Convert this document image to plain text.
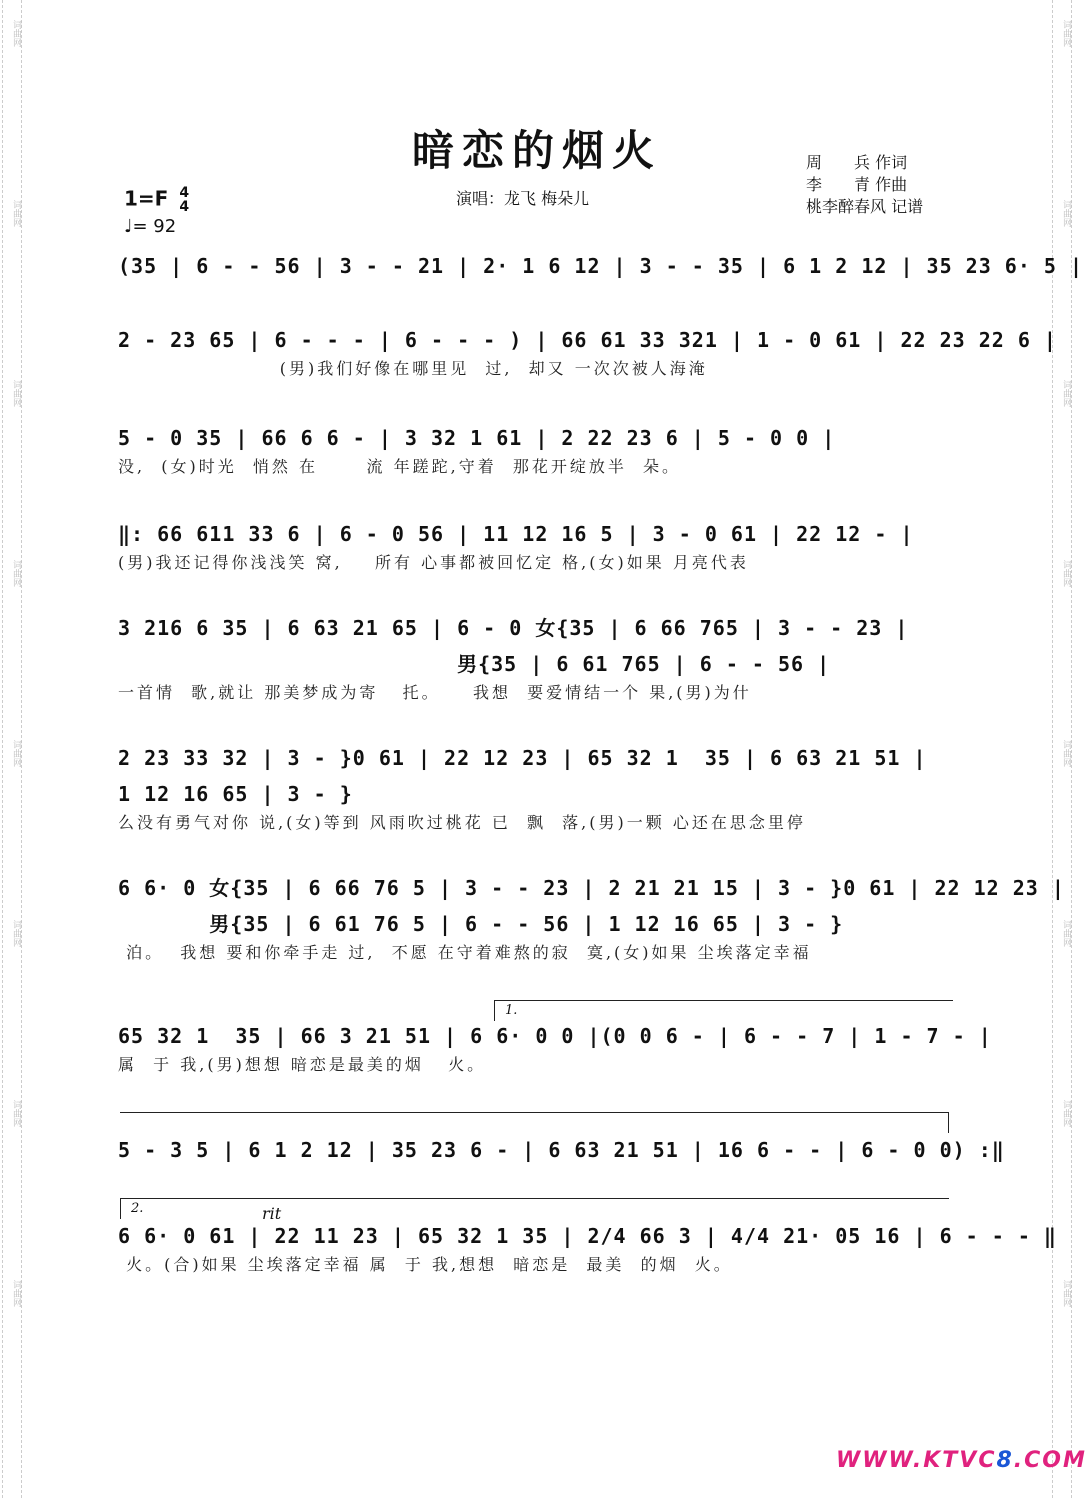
词曲网
词曲网
词曲网
词曲网
词曲网
词曲网
词曲网
词曲网
词曲网
词曲网
词曲网
词曲网
词曲网
词曲网
词曲网
词曲网
暗恋的烟火	周　　兵 作词
李　　青 作曲
桃李醉春风 记谱
演唱：龙飞 梅朵儿
1=F 4
4
♩= 92
(35 | 6 - - 56 | 3 - - 21 | 2· 1 6 12 | 3 - - 35 | 6 1 2 12 | 35 23 6· 5 |
2 - 23 65 | 6 - - - | 6 - - - ) | 66 61 33 321 | 1 - 0 61 | 22 23 22 6 |
(男)我们好像在哪里见  过,  却又 一次次被人海淹
5 - 0 35 | 66 6 6 - | 3 32 1 61 | 2 22 23 6 | 5 - 0 0 |
没,  (女)时光  悄然 在      流 年蹉跎,守着  那花开绽放半  朵。
‖: 66 611 33 6 | 6 - 0 56 | 11 12 16 5 | 3 - 0 61 | 22 12 - |
(男)我还记得你浅浅笑 窝,    所有 心事都被回忆定 格,(女)如果 月亮代表
3 216 6 35 | 6 63 21 65 | 6 - 0 女{35 | 6 66 765 | 3 - - 23 |
男{35 | 6 61 765 | 6 - - 56 |
一首情  歌,就让 那美梦成为寄   托。    我想  要爱情结一个 果,(男)为什
2 23 33 32 | 3 - }0 61 | 22 12 23 | 65 32 1  35 | 6 63 21 51 |
1 12 16 65 | 3 - }
么没有勇气对你 说,(女)等到 风雨吹过桃花 已  飘  落,(男)一颗 心还在思念里停
6 6· 0 女{35 | 6 66 76 5 | 3 - - 23 | 2 21 21 15 | 3 - }0 61 | 22 12 23 |
男{35 | 6 61 76 5 | 6 - - 56 | 1 12 16 65 | 3 - }
泊。  我想 要和你牵手走 过,  不愿 在守着难熬的寂  寞,(女)如果 尘埃落定幸福
1.
65 32 1  35 | 66 3 21 51 | 6 6· 0 0 |(0 0 6 - | 6 - - 7 | 1 - 7 - |
属  于 我,(男)想想 暗恋是最美的烟   火。
5 - 3 5 | 6 1 2 12 | 35 23 6 - | 6 63 21 51 | 16 6 - - | 6 - 0 0) :‖
2.	rit
6 6· 0 61 | 22 11 23 | 65 32 1 35 | 2/4 66 3 | 4/4 21· 05 16 | 6 - - - ‖
火。(合)如果 尘埃落定幸福 属  于 我,想想  暗恋是  最美  的烟  火。
WWW.KTVC8.COM
